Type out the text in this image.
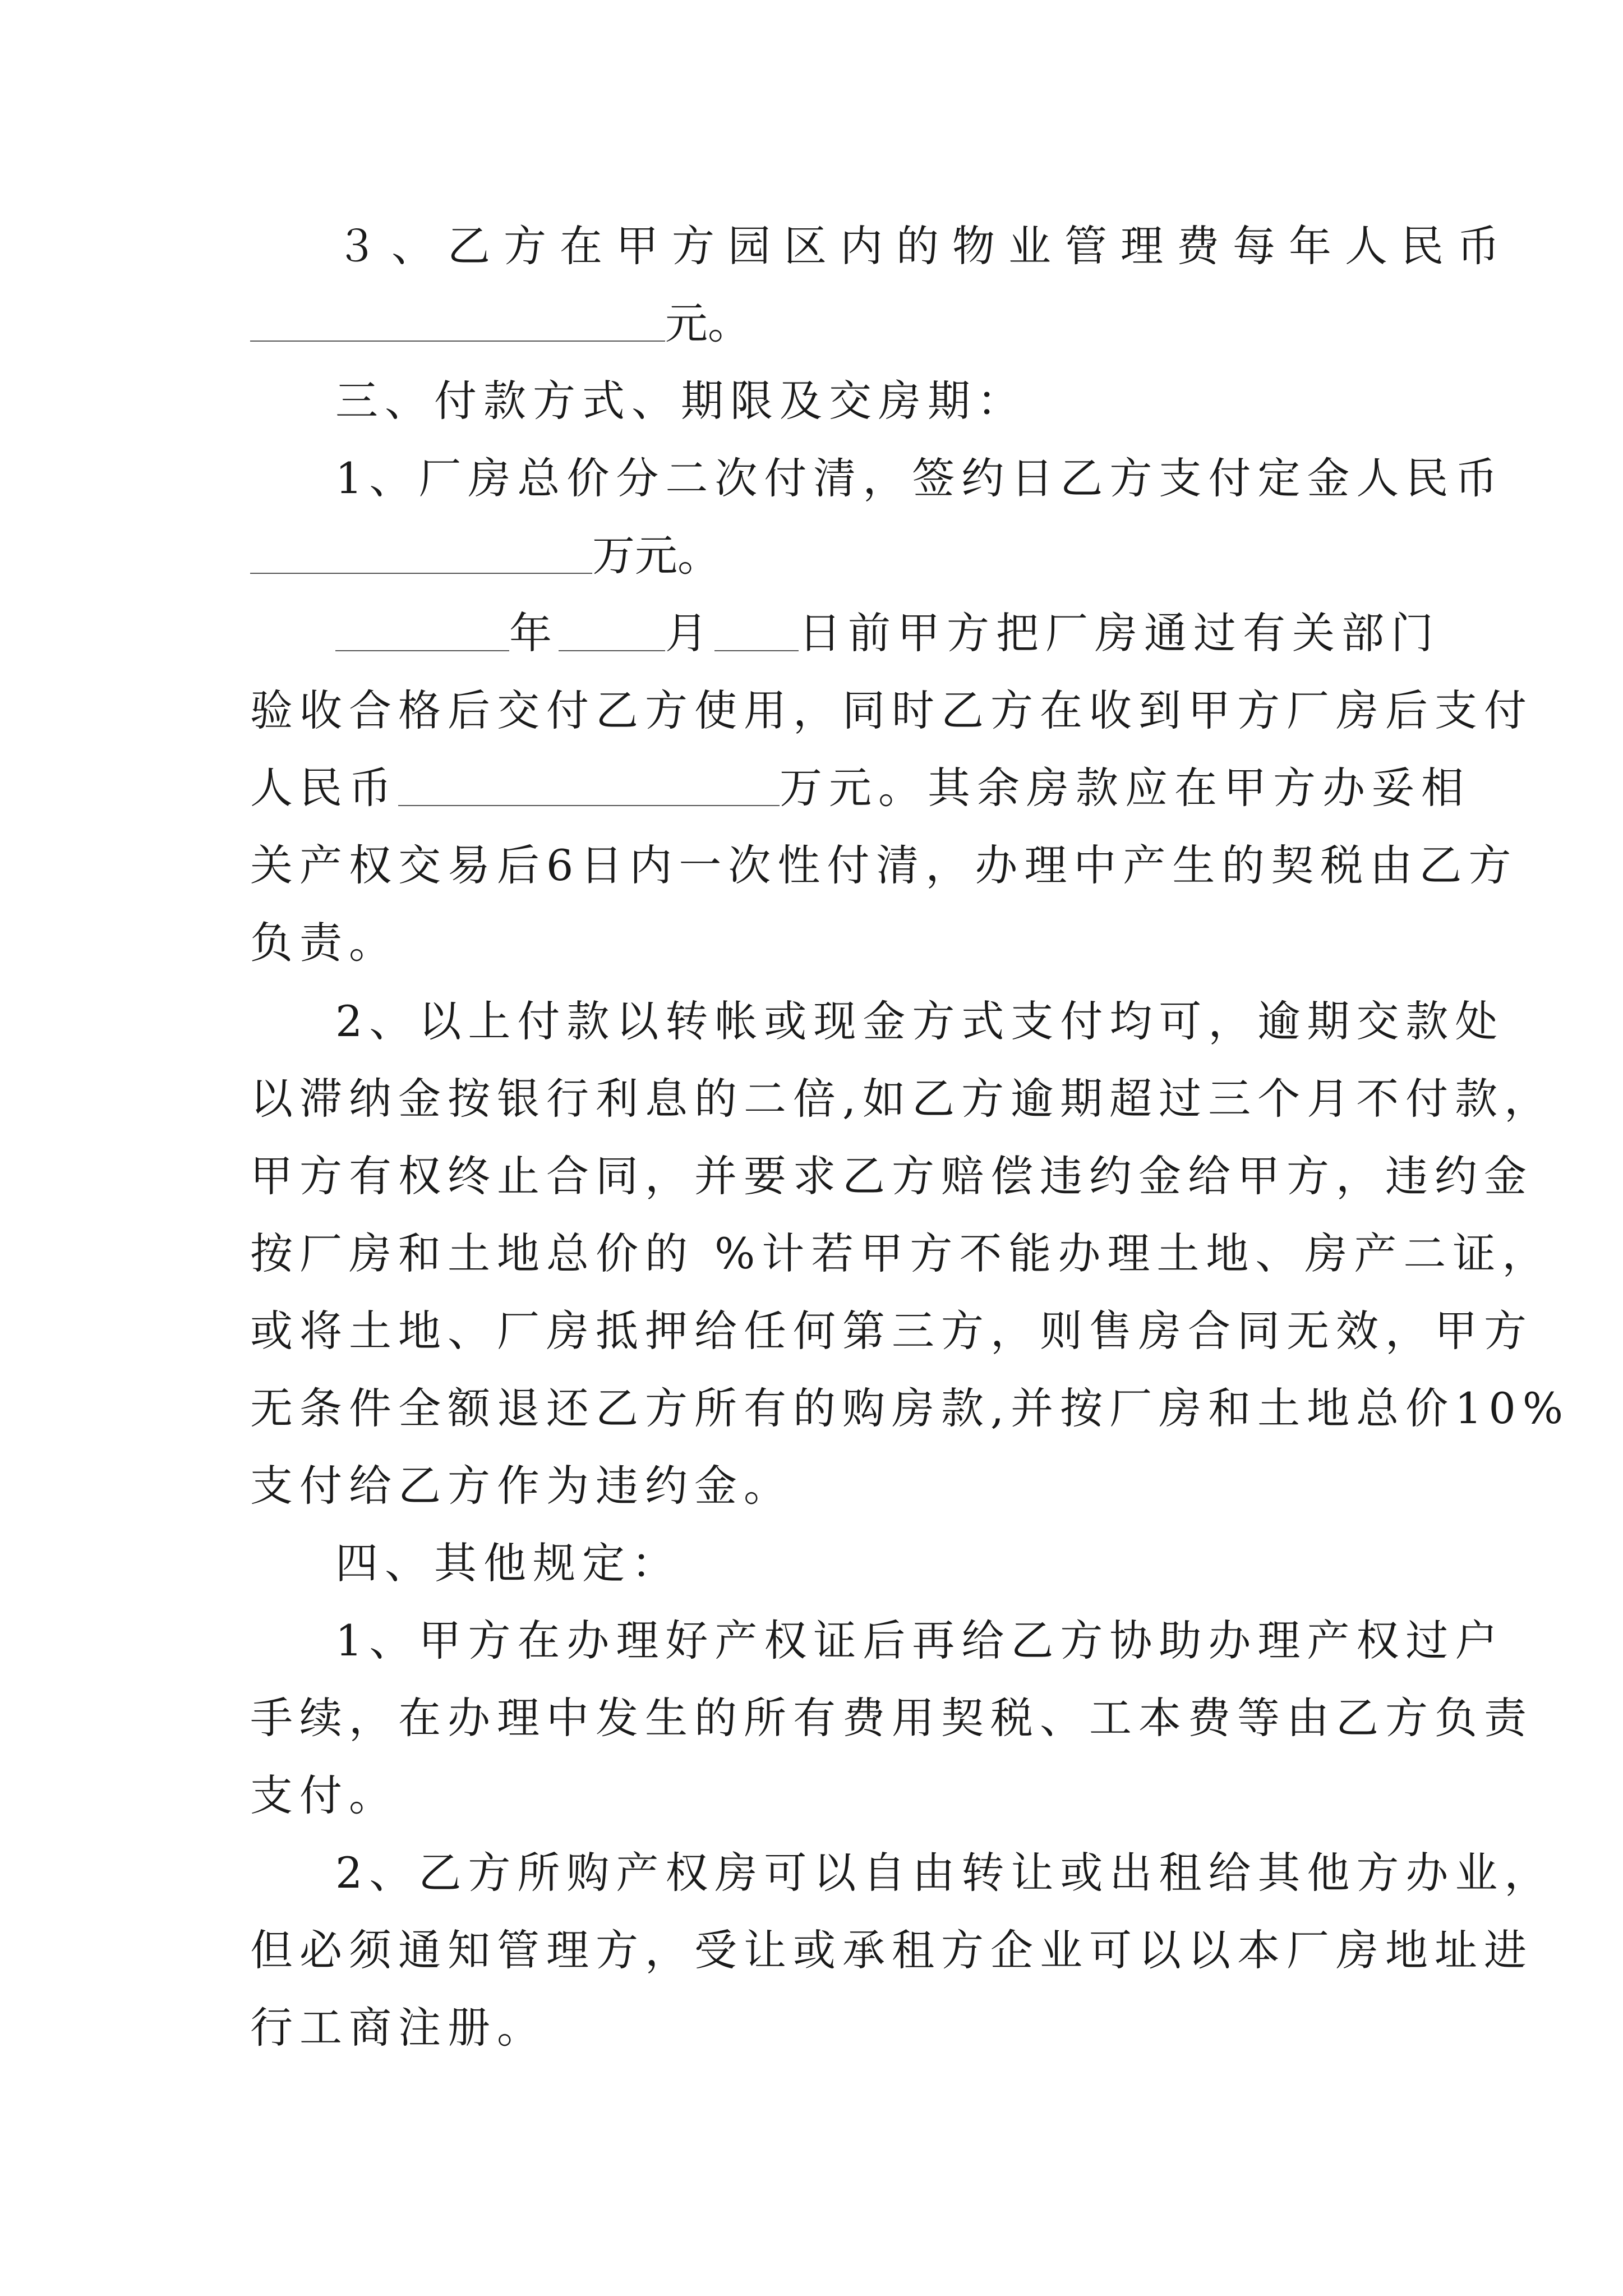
３、乙方在甲方园区内的物业管理费每年人民币
元。
三、付款方式、期限及交房期：
1、厂房总价分二次付清，签约日乙方支付定金人民币
万元。
年	月 日前甲方把厂房通过有关部门
验收合格后交付乙方使用，同时乙方在收到甲方厂房后支付
人民币	万元。其余房款应在甲方办妥相
关产权交易后6日内一次性付清，办理中产生的契税由乙方
负责。
2、以上付款以转帐或现金方式支付均可，逾期交款处
以滞纳金按银行利息的二倍,如乙方逾期超过三个月不付款，
甲方有权终止合同，并要求乙方赔偿违约金给甲方，违约金
按厂房和土地总价的 %计若甲方不能办理土地、房产二证，
或将土地、厂房抵押给任何第三方，则售房合同无效，甲方
无条件全额退还乙方所有的购房款,并按厂房和土地总价10%
支付给乙方作为违约金。
四、其他规定：
1、甲方在办理好产权证后再给乙方协助办理产权过户
手续，在办理中发生的所有费用契税、工本费等由乙方负责
支付。
2、乙方所购产权房可以自由转让或出租给其他方办业，
但必须通知管理方，受让或承租方企业可以以本厂房地址进
行工商注册。
